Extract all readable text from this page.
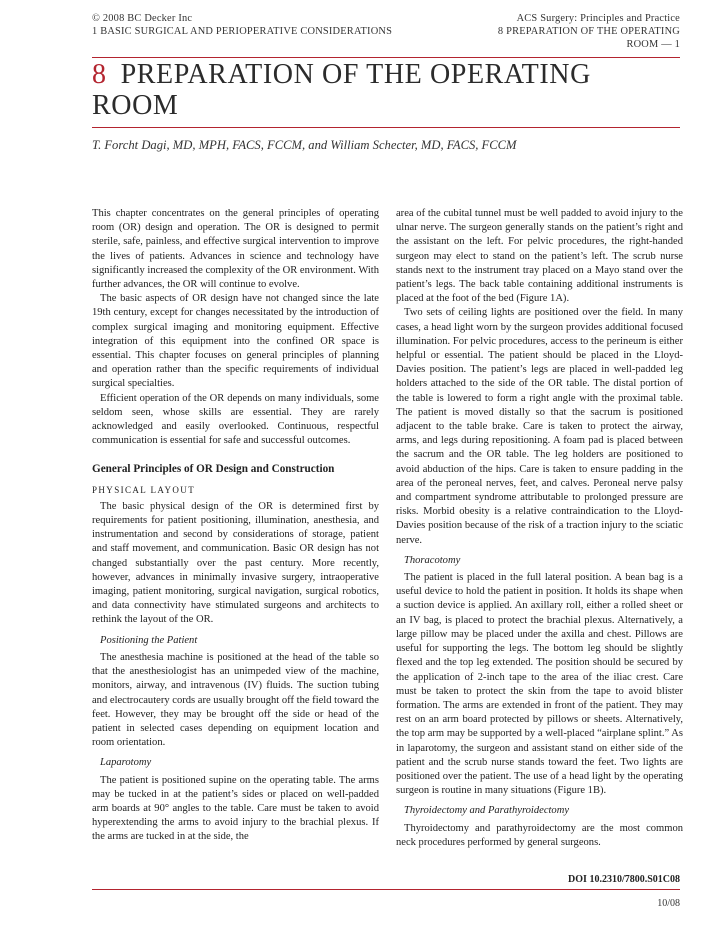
© 2008 BC Decker Inc
1 BASIC SURGICAL AND PERIOPERATIVE CONSIDERATIONS
ACS Surgery: Principles and Practice
8 PREPARATION OF THE OPERATING
ROOM — 1
8 PREPARATION OF THE OPERATING ROOM
T. Forcht Dagi, MD, MPH, FACS, FCCM, and William Schecter, MD, FACS, FCCM

This chapter concentrates on the general principles of operating room (OR) design and operation. The OR is designed to permit sterile, safe, painless, and effective surgical intervention to improve the lives of patients. Advances in science and technology have significantly increased the complexity of the OR environment. With further advances, the OR will continue to evolve.

The basic aspects of OR design have not changed since the late 19th century, except for changes necessitated by the introduction of complex surgical imaging and monitoring equipment. Effective integration of this equipment into the confined OR space is essential. This chapter focuses on general principles of planning and operation rather than the specific requirements of individual surgical specialties.

Efficient operation of the OR depends on many individuals, some seldom seen, whose skills are essential. They are rarely acknowledged and easily overlooked. Continuous, respectful communication is essential for safe and successful outcomes.

General Principles of OR Design and Construction

PHYSICAL LAYOUT

The basic physical design of the OR is determined first by requirements for patient positioning, illumination, anesthesia, and instrumentation and second by considerations of storage, patient and staff movement, and communication. Basic OR design has not changed substantially over the past century. More recently, however, advances in minimally invasive surgery, intraoperative imaging, patient monitoring, surgical navigation, surgical robotics, and data connectivity have stimulated surgeons and architects to rethink the layout of the OR.

Positioning the Patient

The anesthesia machine is positioned at the head of the table so that the anesthesiologist has an unimpeded view of the machine, monitors, airway, and intravenous (IV) fluids. The suction tubing and electrocautery cords are usually brought off the field toward the feet. However, they may be brought off the side or head of the patient in selected cases depending on equipment location and room orientation.

Laparotomy

The patient is positioned supine on the operating table. The arms may be tucked in at the patient’s sides or placed on well-padded arm boards at 90° angles to the table. Care must be taken to avoid hyperextending the arms to avoid injury to the brachial plexus. If the arms are tucked in at the side, the

area of the cubital tunnel must be well padded to avoid injury to the ulnar nerve. The surgeon generally stands on the patient’s right and the assistant on the left. For pelvic procedures, the right-handed surgeon may elect to stand on the patient’s left. The scrub nurse stands next to the instrument tray placed on a Mayo stand over the patient’s legs. The back table containing additional instruments is placed at the foot of the bed (Figure 1A).

Two sets of ceiling lights are positioned over the field. In many cases, a head light worn by the surgeon provides additional focused illumination. For pelvic procedures, access to the perineum is either helpful or essential. The patient should be placed in the Lloyd-Davies position. The patient’s legs are placed in well-padded leg holders attached to the side of the OR table. The distal portion of the table is lowered to form a right angle with the proximal table. The patient is moved distally so that the sacrum is positioned adjacent to the table brake. Care is taken to protect the airway, arms, and legs during repositioning. A foam pad is placed between the sacrum and the OR table. The leg holders are positioned to avoid abduction of the hips. Care is taken to ensure padding in the area of the peroneal nerves, feet, and calves. Peroneal nerve palsy and compartment syndrome attributable to prolonged pressure are risks. Morbid obesity is a relative contraindication to the Lloyd-Davies position because of the risk of a traction injury to the sciatic nerve.

Thoracotomy

The patient is placed in the full lateral position. A bean bag is a useful device to hold the patient in position. It holds its shape when a suction device is applied. An axillary roll, either a rolled sheet or an IV bag, is placed to protect the brachial plexus. Alternatively, a large pillow may be placed under the axilla and chest. Pillows are useful for supporting the legs. The bottom leg should be slightly flexed and the top leg extended. The position should be secured by the application of 2-inch tape to the area of the iliac crest. Care must be taken to protect the skin from the tape to avoid blister formation. The arms are extended in front of the patient. They may rest on an arm board protected by pillows or sheets. Alternatively, the top arm may be supported by a well-placed “airplane splint.” As in laparotomy, the surgeon and assistant stand on either side of the patient and the scrub nurse stands toward the feet. Two lights are positioned over the patient. The use of a head light by the operating surgeon is routine in many situations (Figure 1B).

Thyroidectomy and Parathyroidectomy

Thyroidectomy and parathyroidectomy are the most common neck procedures performed by general surgeons.

DOI 10.2310/7800.S01C08
10/08
